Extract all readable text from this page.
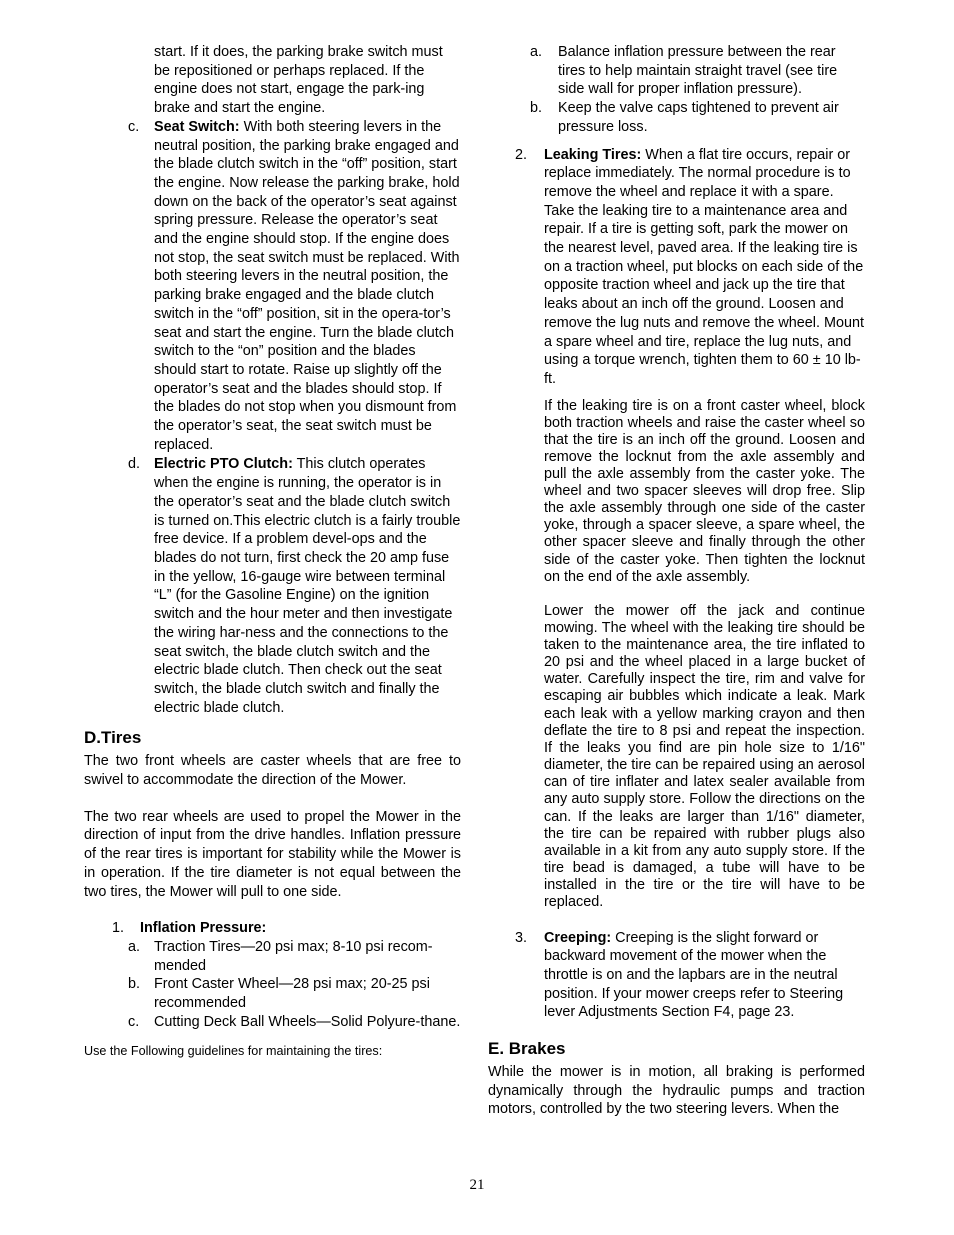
start. If it does, the parking brake switch must be repositioned or perhaps replaced. If the engine does not start, engage the park-ing brake and start the engine.

c. Seat Switch: With both steering levers in the neutral position, the parking brake engaged and the blade clutch switch in the “off” position, start the engine. Now release the parking brake, hold down on the back of the operator’s seat against spring pressure. Release the operator’s seat and the engine should stop. If the engine does not stop, the seat switch must be replaced. With both steering levers in the neutral position, the parking brake engaged and the blade clutch switch in the “off” position, sit in the opera-tor’s seat and start the engine. Turn the blade clutch switch to the “on” position and the blades should start to rotate. Raise up slightly off the operator’s seat and the blades should stop. If the blades do not stop when you dismount from the operator’s seat, the seat switch must be replaced.

d. Electric PTO Clutch: This clutch operates when the engine is running, the operator is in the operator’s seat and the blade clutch switch is turned on.This electric clutch is a fairly trouble free device. If a problem devel-ops and the blades do not turn, first check the 20 amp fuse in the yellow, 16-gauge wire between terminal “L” (for the Gasoline Engine) on the ignition switch and the hour meter and then investigate the wiring har-ness and the connections to the seat switch, the blade clutch switch and the electric blade clutch. Then check out the seat switch, the blade clutch switch and finally the electric blade clutch.

D.Tires

The two front wheels are caster wheels that are free to swivel to accommodate the direction of the Mower.

The two rear wheels are used to propel the Mower in the direction of input from the drive handles. Inflation pressure of the rear tires is important for stability while the Mower is in operation. If the tire diameter is not equal between the two tires, the Mower will pull to one side.

1. Inflation Pressure:

a. Traction Tires—20 psi max; 8-10 psi recom-mended

b. Front Caster Wheel—28 psi max; 20-25 psi recommended

c. Cutting Deck Ball Wheels—Solid Polyure-thane.

Use the Following guidelines for maintaining the tires:

a. Balance inflation pressure between the rear tires to help maintain straight travel (see tire side wall for proper inflation pressure).

b. Keep the valve caps tightened to prevent air pressure loss.

2. Leaking Tires: When a flat tire occurs, repair or replace immediately. The normal procedure is to remove the wheel and replace it with a spare. Take the leaking tire to a maintenance area and repair. If a tire is getting soft, park the mower on the nearest level, paved area. If the leaking tire is on a traction wheel, put blocks on each side of the opposite traction wheel and jack up the tire that leaks about an inch off the ground. Loosen and remove the lug nuts and remove the wheel. Mount a spare wheel and tire, replace the lug nuts, and using a torque wrench, tighten them to 60 ± 10 lb-ft.

If the leaking tire is on a front caster wheel, block both traction wheels and raise the caster wheel so that the tire is an inch off the ground. Loosen and remove the locknut from the axle assembly and pull the axle assembly from the caster yoke. The wheel and two spacer sleeves will drop free. Slip the axle assembly through one side of the caster yoke, through a spacer sleeve, a spare wheel, the other spacer sleeve and finally through the other side of the caster yoke. Then tighten the locknut on the end of the axle assembly.

Lower the mower off the jack and continue mowing. The wheel with the leaking tire should be taken to the maintenance area, the tire inflated to 20 psi and the wheel placed in a large bucket of water. Carefully inspect the tire, rim and valve for escaping air bubbles which indicate a leak. Mark each leak with a yellow marking crayon and then deflate the tire to 8 psi and repeat the inspection. If the leaks you find are pin hole size to 1/16" diameter, the tire can be repaired using an aerosol can of tire inflater and latex sealer available from any auto supply store. Follow the directions on the can. If the leaks are larger than 1/16" diameter, the tire can be repaired with rubber plugs also available in a kit from any auto supply store. If the tire bead is damaged, a tube will have to be installed in the tire or the tire will have to be replaced.

3. Creeping: Creeping is the slight forward or backward movement of the mower when the throttle is on and the lapbars are in the neutral position. If your mower creeps refer to Steering lever Adjustments Section F4, page 23.

E. Brakes

While the mower is in motion, all braking is performed dynamically through the hydraulic pumps and traction motors, controlled by the two steering levers. When the

21
